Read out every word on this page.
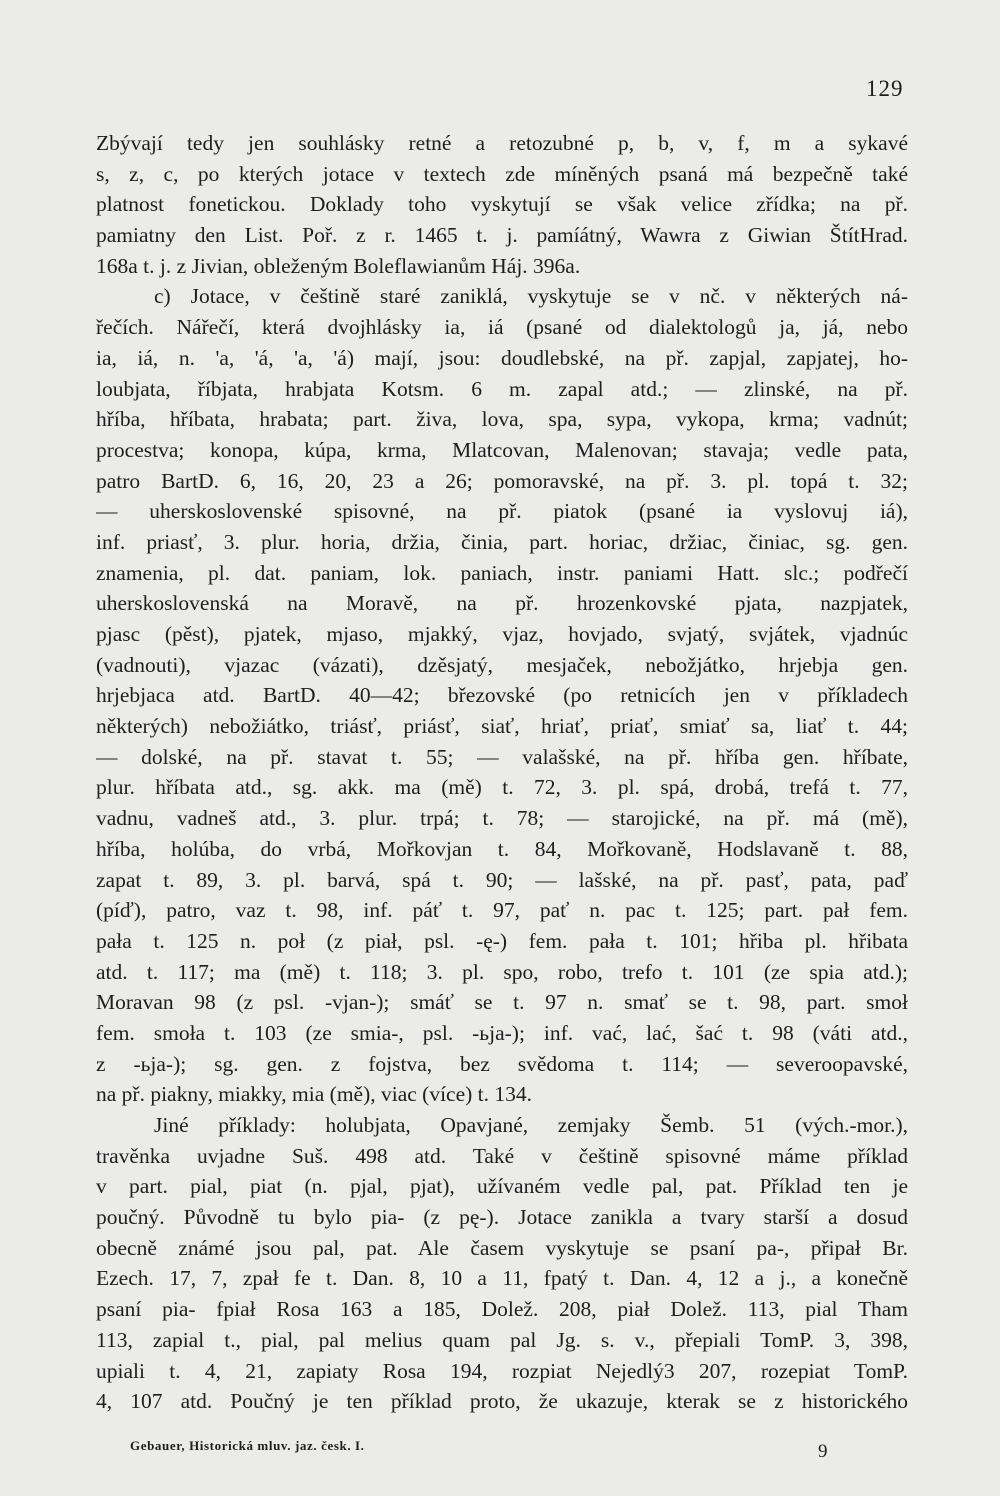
129
Zbývají tedy jen souhlásky retné a retozubné p, b, v, f, m a sykavé
s, z, c, po kterých jotace v textech zde míněných psaná má bezpečně také
platnost fonetickou. Doklady toho vyskytují se však velice zřídka; na př.
pamiatny den List. Poř. z r. 1465 t. j. pamíátný, Wawra z Giwian ŠtítHrad.
168a t. j. z Jivian, obleženým Boleflawianům Háj. 396a.
c) Jotace, v češtině staré zaniklá, vyskytuje se v nč. v některých ná-
řečích. Nářečí, která dvojhlásky ia, iá (psané od dialektologů ja, já, nebo
ia, iá, n. 'a, 'á, 'a, 'á) mají, jsou: doudlebské, na př. zapjal, zapjatej, ho-
loubjata, říbjata, hrabjata Kotsm. 6 m. zapal atd.; — zlinské, na př.
hříba, hříbata, hrabata; part. živa, lova, spa, sypa, vykopa, krma; vadnút;
procestva; konopa, kúpa, krma, Mlatcovan, Malenovan; stavaja; vedle pata,
patro BartD. 6, 16, 20, 23 a 26; pomoravské, na př. 3. pl. topá t. 32;
— uherskoslovenské spisovné, na př. piatok (psané ia vyslovuj iá),
inf. priasť, 3. plur. horia, držia, činia, part. horiac, držiac, činiac, sg. gen.
znamenia, pl. dat. paniam, lok. paniach, instr. paniami Hatt. slc.; podřečí
uherskoslovenská na Moravě, na př. hrozenkovské pjata, nazpjatek,
pjasc (pěst), pjatek, mjaso, mjakký, vjaz, hovjado, svjatý, svjátek, vjadnúc
(vadnouti), vjazac (vázati), dzěsjatý, mesjaček, nebožjátko, hrjebja gen.
hrjebjaca atd. BartD. 40—42; březovské (po retnicích jen v příkladech
některých) nebožiátko, triásť, priásť, siať, hriať, priať, smiať sa, liať t. 44;
— dolské, na př. stavat t. 55; — valašské, na př. hříba gen. hříbate,
plur. hříbata atd., sg. akk. ma (mě) t. 72, 3. pl. spá, drobá, trefá t. 77,
vadnu, vadneš atd., 3. plur. trpá; t. 78; — starojické, na př. má (mě),
hříba, holúba, do vrbá, Mořkovjan t. 84, Mořkovaně, Hodslavaně t. 88,
zapat t. 89, 3. pl. barvá, spá t. 90; — lašské, na př. pasť, pata, paď
(píď), patro, vaz t. 98, inf. páť t. 97, pať n. pac t. 125; part. pał fem.
pała t. 125 n. poł (z piał, psl. -ę-) fem. pała t. 101; hřiba pl. hřibata
atd. t. 117; ma (mě) t. 118; 3. pl. spo, robo, trefo t. 101 (ze spia atd.);
Moravan 98 (z psl. -vjan-); smáť se t. 97 n. smať se t. 98, part. smoł
fem. smoła t. 103 (ze smia-, psl. -ьja-); inf. vać, lać, šać t. 98 (váti atd.,
z -ьja-); sg. gen. z fojstva, bez svědoma t. 114; — severoopavské,
na př. piakny, miakky, mia (mě), viac (více) t. 134.
Jiné příklady: holubjata, Opavjané, zemjaky Šemb. 51 (vých.-mor.),
travěnka uvjadne Suš. 498 atd. Také v češtině spisovné máme příklad
v part. pial, piat (n. pjal, pjat), užívaném vedle pal, pat. Příklad ten je
poučný. Původně tu bylo pia- (z pę-). Jotace zanikla a tvary starší a dosud
obecně známé jsou pal, pat. Ale časem vyskytuje se psaní pa-, připał Br.
Ezech. 17, 7, zpał fe t. Dan. 8, 10 a 11, fpatý t. Dan. 4, 12 a j., a konečně
psaní pia- fpiał Rosa 163 a 185, Dolež. 208, piał Dolež. 113, pial Tham
113, zapial t., pial, pal melius quam pal Jg. s. v., přepiali TomP. 3, 398,
upiali t. 4, 21, zapiaty Rosa 194, rozpiat Nejedlý3 207, rozepiat TomP.
4, 107 atd. Poučný je ten příklad proto, že ukazuje, kterak se z historického
Gebauer, Historická mluv. jaz. česk. I.	9
